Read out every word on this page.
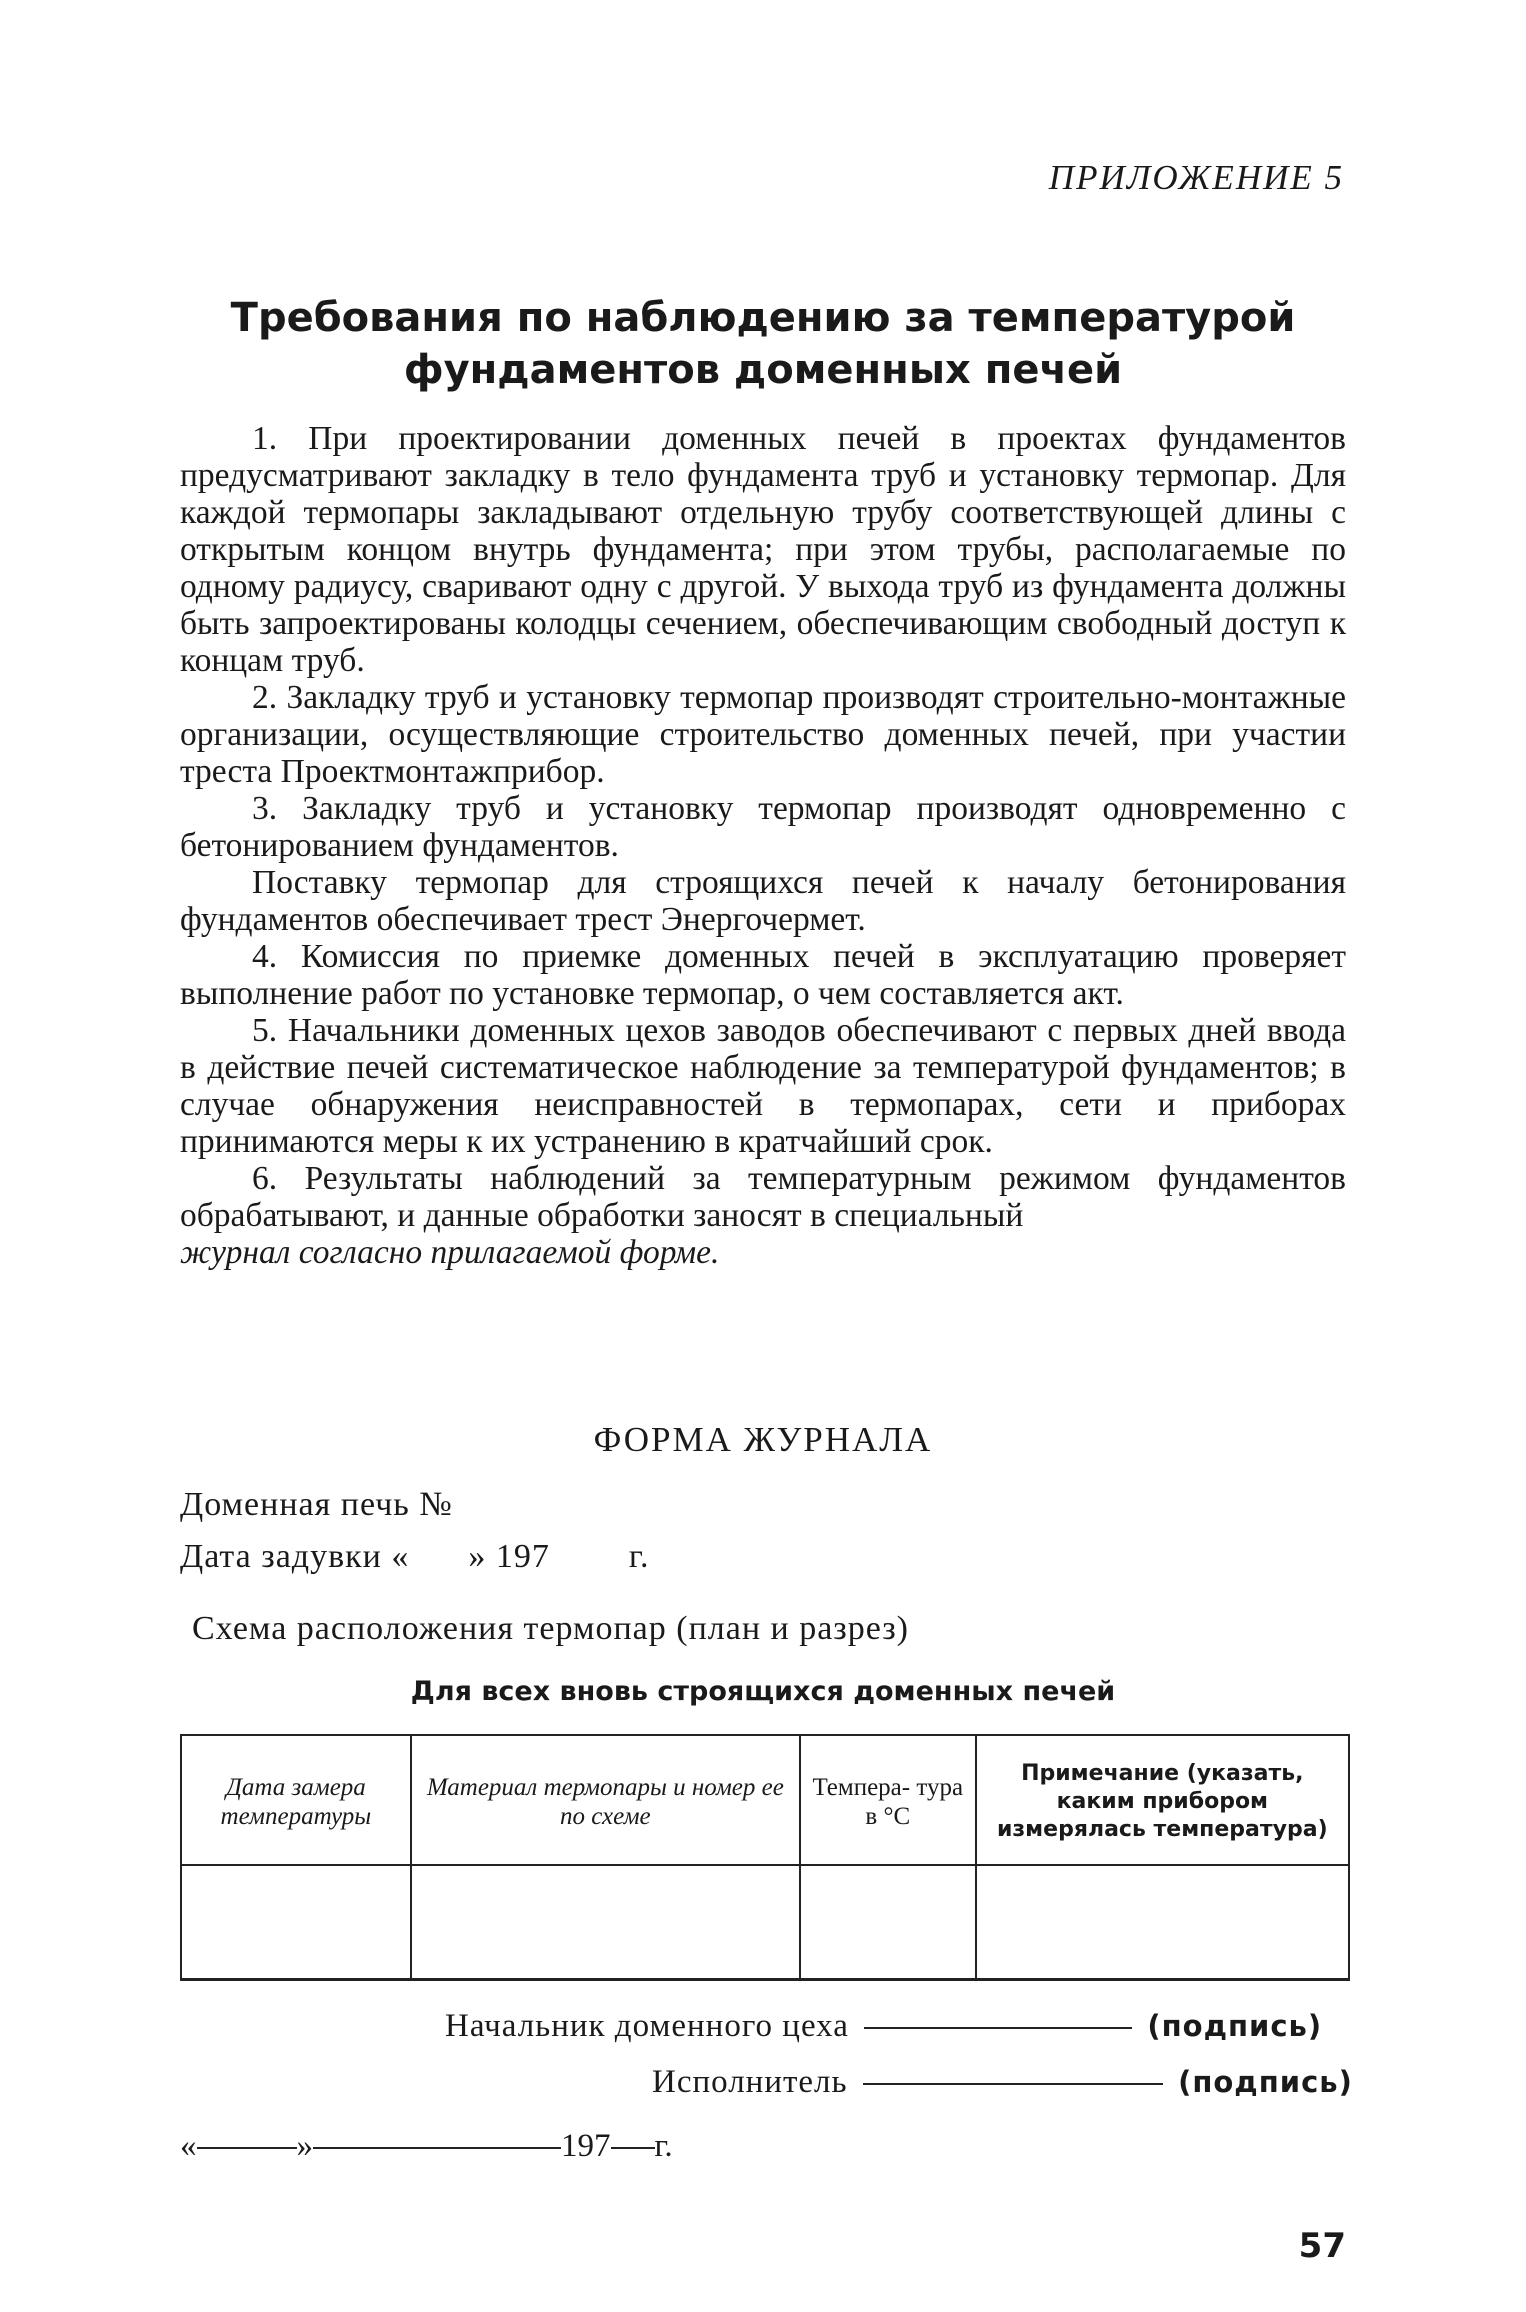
ПРИЛОЖЕНИЕ 5
Требования по наблюдению за температурой
фундаментов доменных печей

1. При проектировании доменных печей в проектах фундаментов предусматривают закладку в тело фундамента труб и установку термопар. Для каждой термопары закладывают отдельную трубу соответствующей длины с открытым концом внутрь фундамента; при этом трубы, располагаемые по одному радиусу, сваривают одну с другой. У выхода труб из фундамента должны быть запроектированы колодцы сечением, обеспечивающим свободный доступ к концам труб.

2. Закладку труб и установку термопар производят строительно-монтажные организации, осуществляющие строительство доменных печей, при участии треста Проектмонтажприбор.

3. Закладку труб и установку термопар производят одновременно с бетонированием фундаментов.

Поставку термопар для строящихся печей к началу бетонирования фундаментов обеспечивает трест Энергочермет.

4. Комиссия по приемке доменных печей в эксплуатацию проверяет выполнение работ по установке термопар, о чем составляется акт.

5. Начальники доменных цехов заводов обеспечивают с первых дней ввода в действие печей систематическое наблюдение за температурой фундаментов; в случае обнаружения неисправностей в термопарах, сети и приборах принимаются меры к их устранению в кратчайший срок.

6. Результаты наблюдений за температурным режимом фундаментов обрабатывают, и данные обработки заносят в специальный

журнал согласно прилагаемой форме.

ФОРМА ЖУРНАЛА
Доменная печь №
Дата задувки « » 197 г.
Схема расположения термопар (план и разрез)
Для всех вновь строящихся доменных печей
Дата замера температуры	Материал термопары и номер ее по схеме	Темпера- тура в °С	Примечание (указать, каким прибором измерялась температура)

Начальник доменного цеха	(подпись)
Исполнитель	(подпись)
«	»	197 г.
57
